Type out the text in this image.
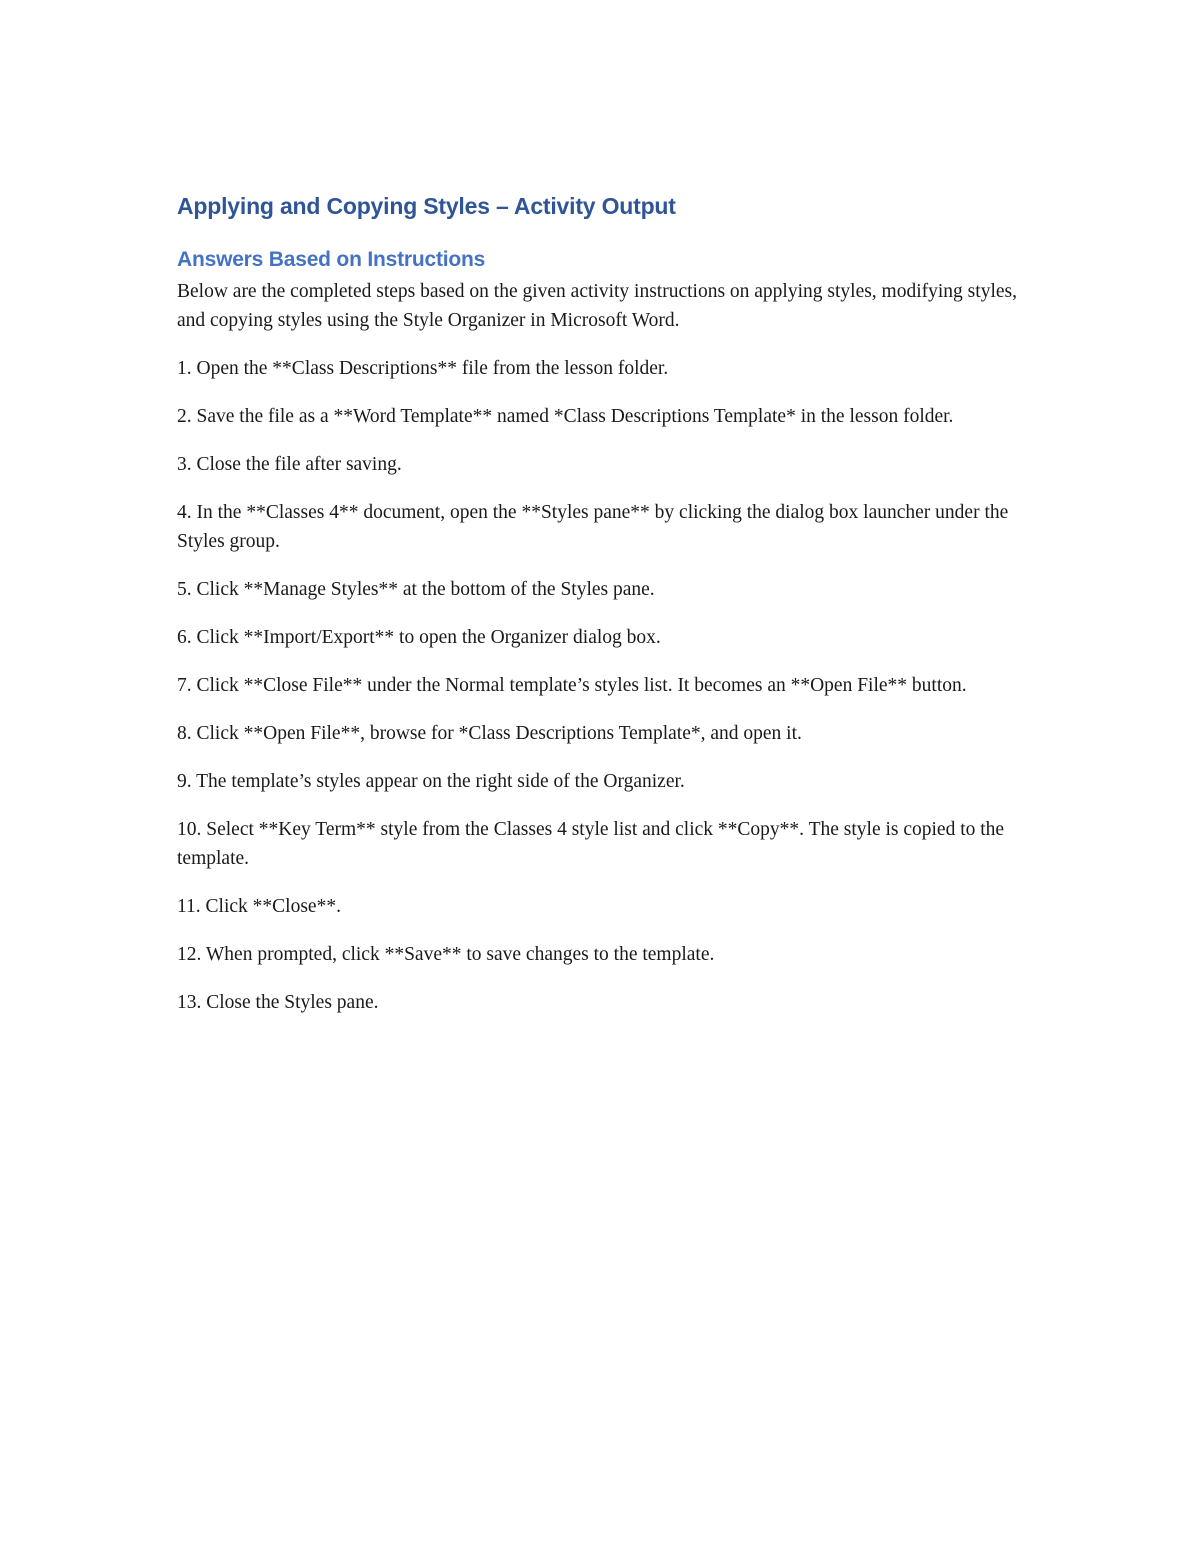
Applying and Copying Styles – Activity Output
Answers Based on Instructions

Below are the completed steps based on the given activity instructions on applying styles, modifying styles, and copying styles using the Style Organizer in Microsoft Word.

1. Open the **Class Descriptions** file from the lesson folder.
2. Save the file as a **Word Template** named *Class Descriptions Template* in the lesson folder.
3. Close the file after saving.
4. In the **Classes 4** document, open the **Styles pane** by clicking the dialog box launcher under the Styles group.
5. Click **Manage Styles** at the bottom of the Styles pane.
6. Click **Import/Export** to open the Organizer dialog box.
7. Click **Close File** under the Normal template’s styles list. It becomes an **Open File** button.
8. Click **Open File**, browse for *Class Descriptions Template*, and open it.
9. The template’s styles appear on the right side of the Organizer.
10. Select **Key Term** style from the Classes 4 style list and click **Copy**. The style is copied to the template.
11. Click **Close**.
12. When prompted, click **Save** to save changes to the template.
13. Close the Styles pane.
